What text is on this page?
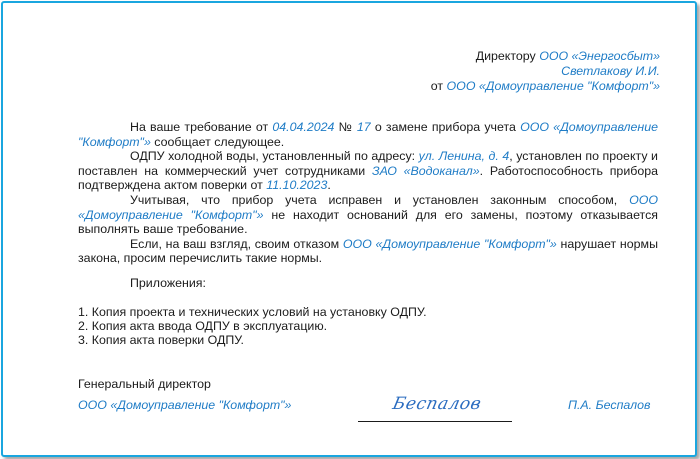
Директору ООО «Энергосбыт»
Светлакову И.И.
от ООО «Домоуправление "Комфорт"»
На ваше требование от 04.04.2024 № 17 о замене прибора учета ООО «Домоуправление "Комфорт"» сообщает следующее.
ОДПУ холодной воды, установленный по адресу: ул. Ленина, д. 4, установлен по проекту и поставлен на коммерческий учет сотрудниками ЗАО «Водоканал». Работоспособность прибора подтверждена актом поверки от 11.10.2023.
Учитывая, что прибор учета исправен и установлен законным способом, ООО «Домоуправление "Комфорт"» не находит оснований для его замены, поэтому отказывается выполнять ваше требование.
Если, на ваш взгляд, своим отказом ООО «Домоуправление "Комфорт"» нарушает нормы закона, просим перечислить такие нормы.
Приложения:
1. Копия проекта и технических условий на установку ОДПУ.
2. Копия акта ввода ОДПУ в эксплуатацию.
3. Копия акта поверки ОДПУ.
Генеральный директор
ООО «Домоуправление "Комфорт"»	Беспалов	П.А. Беспалов
